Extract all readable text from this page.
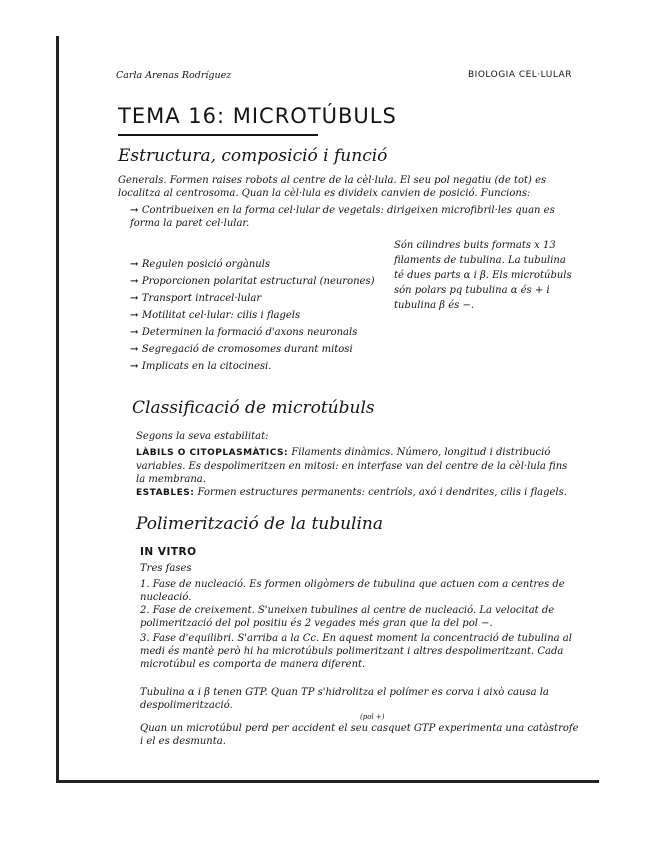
Carla Arenas Rodríguez	BIOLOGIA CEL·LULAR

TEMA 16: MICROTÚBULS

Estructura, composició i funció

Generals. Formen raises robots al centre de la cèl·lula. El seu pol negatiu (de tot) es localitza al centrosoma. Quan la cèl·lula es divideix canvien de posició. Funcions:

→ Contribueixen en la forma cel·lular de vegetals: dirigeixen microfibril·les quan es forma la paret cel·lular.

→ Regulen posició orgànuls
→ Proporcionen polaritat estructural (neurones)
→ Transport intracel·lular
→ Motilitat cel·lular: cilis i flagels
→ Determinen la formació d'axons neuronals
→ Segregació de cromosomes durant mitosi
→ Implicats en la citocinesi.

Són cilindres buits formats x 13 filaments de tubulina. La tubulina té dues parts α i β. Els microtúbuls són polars pq tubulina α és + i tubulina β és −.

Classificació de microtúbuls

Segons la seva estabilitat:

LÀBILS O CITOPLASMÀTICS: Filaments dinàmics. Número, longitud i distribució variables. Es despolimeritzen en mitosi: en interfase van del centre de la cèl·lula fins la membrana.

ESTABLES: Formen estructures permanents: centríols, axó i dendrites, cilis i flagels.

Polimerització de la tubulina

IN VITRO

Tres fases

1. Fase de nucleació. Es formen oligòmers de tubulina que actuen com a centres de nucleació.

2. Fase de creixement. S'uneixen tubulines al centre de nucleació. La velocitat de polimerització del pol positiu és 2 vegades més gran que la del pol −.

3. Fase d'equilibri. S'arriba a la Cc. En aquest moment la concentració de tubulina al medi és mantè però hi ha microtúbuls polimeritzant i altres despolimeritzant. Cada microtúbul es comporta de manera diferent.

Tubulina α i β tenen GTP. Quan TP s'hidrolitza el polímer es corva i això causa la despolimerització.

(pol +)

Quan un microtúbul perd per accident el seu casquet GTP experimenta una catàstrofe i el es desmunta.
